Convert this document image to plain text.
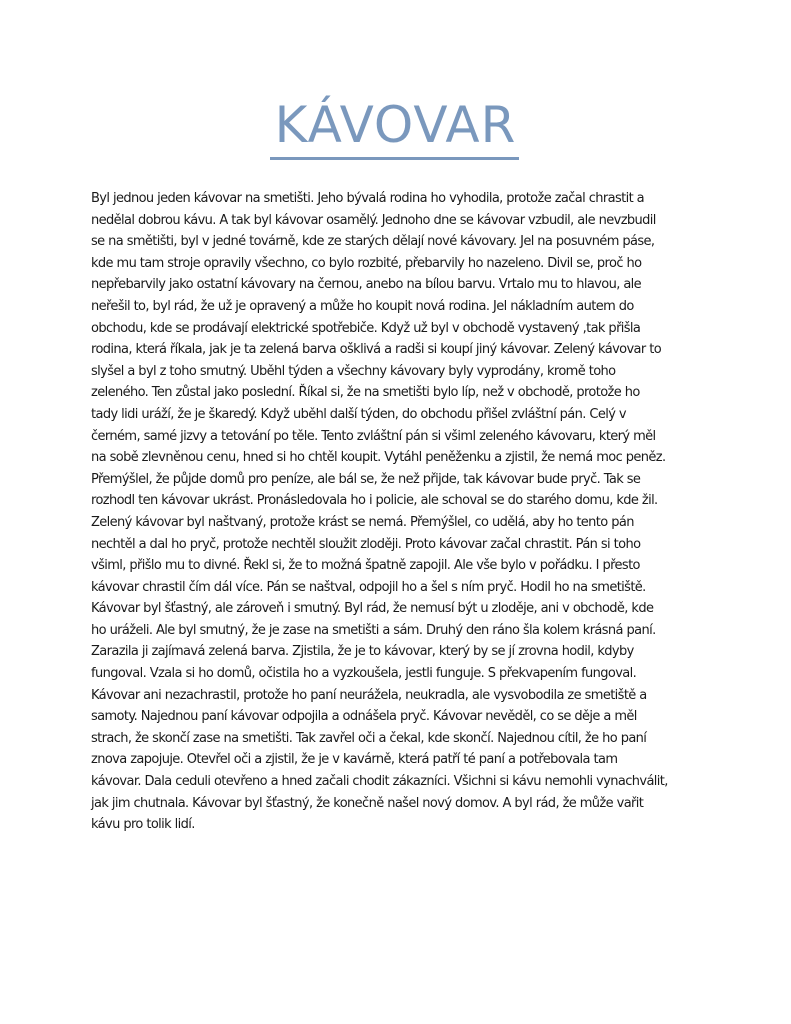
KÁVOVAR
Byl jednou jeden kávovar na smetišti. Jeho bývalá rodina ho vyhodila, protože začal chrastit a
nedělal dobrou kávu. A tak byl kávovar osamělý. Jednoho dne se kávovar vzbudil, ale nevzbudil
se na smětišti, byl v jedné továrně, kde ze starých dělají nové kávovary. Jel na posuvném páse,
kde mu tam stroje opravily všechno, co bylo rozbité, přebarvily ho nazeleno. Divil se, proč ho
nepřebarvily jako ostatní kávovary na černou, anebo na bílou barvu. Vrtalo mu to hlavou, ale
neřešil to, byl rád, že už je opravený a může ho koupit nová rodina. Jel nákladním autem do
obchodu, kde se prodávají elektrické spotřebiče. Když už byl v obchodě vystavený ,tak přišla
rodina, která říkala, jak je ta zelená barva ošklivá a radši si koupí jiný kávovar. Zelený kávovar to
slyšel a byl z toho smutný. Uběhl týden a všechny kávovary byly vyprodány, kromě toho
zeleného. Ten zůstal jako poslední. Říkal si, že na smetišti bylo líp, než v obchodě, protože ho
tady lidi uráží, že je škaredý. Když uběhl další týden, do obchodu přišel zvláštní pán. Celý v
černém, samé jizvy a tetování po těle. Tento zvláštní pán si všiml zeleného kávovaru, který měl
na sobě zlevněnou cenu, hned si ho chtěl koupit. Vytáhl peněženku a zjistil, že nemá moc peněz.
Přemýšlel, že půjde domů pro peníze, ale bál se, že než přijde, tak kávovar bude pryč. Tak se
rozhodl ten kávovar ukrást. Pronásledovala ho i policie, ale schoval se do starého domu, kde žil.
Zelený kávovar byl naštvaný, protože krást se nemá. Přemýšlel, co udělá, aby ho tento pán
nechtěl a dal ho pryč, protože nechtěl sloužit zloději. Proto kávovar začal chrastit. Pán si toho
všiml, přišlo mu to divné. Řekl si, že to možná špatně zapojil. Ale vše bylo v pořádku. I přesto
kávovar chrastil čím dál více. Pán se naštval, odpojil ho a šel s ním pryč. Hodil ho na smetiště.
Kávovar byl šťastný, ale zároveň i smutný. Byl rád, že nemusí být u zloděje, ani v obchodě, kde
ho uráželi. Ale byl smutný, že je zase na smetišti a sám. Druhý den ráno šla kolem krásná paní.
Zarazila ji zajímavá zelená barva. Zjistila, že je to kávovar, který by se jí zrovna hodil, kdyby
fungoval. Vzala si ho domů, očistila ho a vyzkoušela, jestli funguje. S překvapením fungoval.
Kávovar ani nezachrastil, protože ho paní neurážela, neukradla, ale vysvobodila ze smetiště a
samoty. Najednou paní kávovar odpojila a odnášela pryč. Kávovar nevěděl, co se děje a měl
strach, že skončí zase na smetišti. Tak zavřel oči a čekal, kde skončí. Najednou cítil, že ho paní
znova zapojuje. Otevřel oči a zjistil, že je v kavárně, která patří té paní a potřebovala tam
kávovar. Dala ceduli otevřeno a hned začali chodit zákazníci. Všichni si kávu nemohli vynachválit,
jak jim chutnala. Kávovar byl šťastný, že konečně našel nový domov. A byl rád, že může vařit
kávu pro tolik lidí.
